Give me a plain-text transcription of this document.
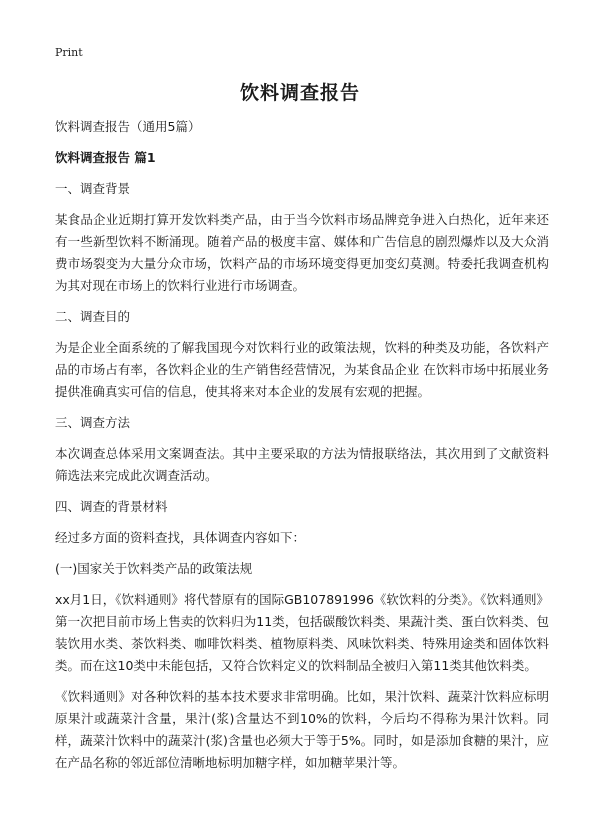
Print
饮料调查报告

饮料调查报告（通用5篇）

饮料调查报告 篇1

一、调查背景

某食品企业近期打算开发饮料类产品，由于当今饮料市场品牌竞争进入白热化，近年来还有一些新型饮料不断涌现。随着产品的极度丰富、媒体和广告信息的剧烈爆炸以及大众消费市场裂变为大量分众市场，饮料产品的市场环境变得更加变幻莫测。特委托我调查机构为其对现在市场上的饮料行业进行市场调查。

二、调查目的

为是企业全面系统的了解我国现今对饮料行业的政策法规，饮料的种类及功能，各饮料产品的市场占有率，各饮料企业的生产销售经营情况，为某食品企业 在饮料市场中拓展业务提供准确真实可信的信息，使其将来对本企业的发展有宏观的把握。

三、调查方法

本次调查总体采用文案调查法。其中主要采取的方法为情报联络法，其次用到了文献资料筛选法来完成此次调查活动。

四、调查的背景材料

经过多方面的资料查找，具体调查内容如下：

(一)国家关于饮料类产品的政策法规

xx月1日，《饮料通则》将代替原有的国际GB107891996《软饮料的分类》。《饮料通则》第一次把目前市场上售卖的饮料归为11类，包括碳酸饮料类、果蔬汁类、蛋白饮料类、包装饮用水类、茶饮料类、咖啡饮料类、植物原料类、风味饮料类、特殊用途类和固体饮料类。而在这10类中未能包括，又符合饮料定义的饮料制品全被归入第11类其他饮料类。

《饮料通则》对各种饮料的基本技术要求非常明确。比如，果汁饮料、蔬菜汁饮料应标明原果汁或蔬菜汁含量，果汁(浆)含量达不到10%的饮料，今后均不得称为果汁饮料。同样，蔬菜汁饮料中的蔬菜汁(浆)含量也必须大于等于5%。同时，如是添加食糖的果汁，应在产品名称的邻近部位清晰地标明加糖字样，如加糖苹果汁等。
